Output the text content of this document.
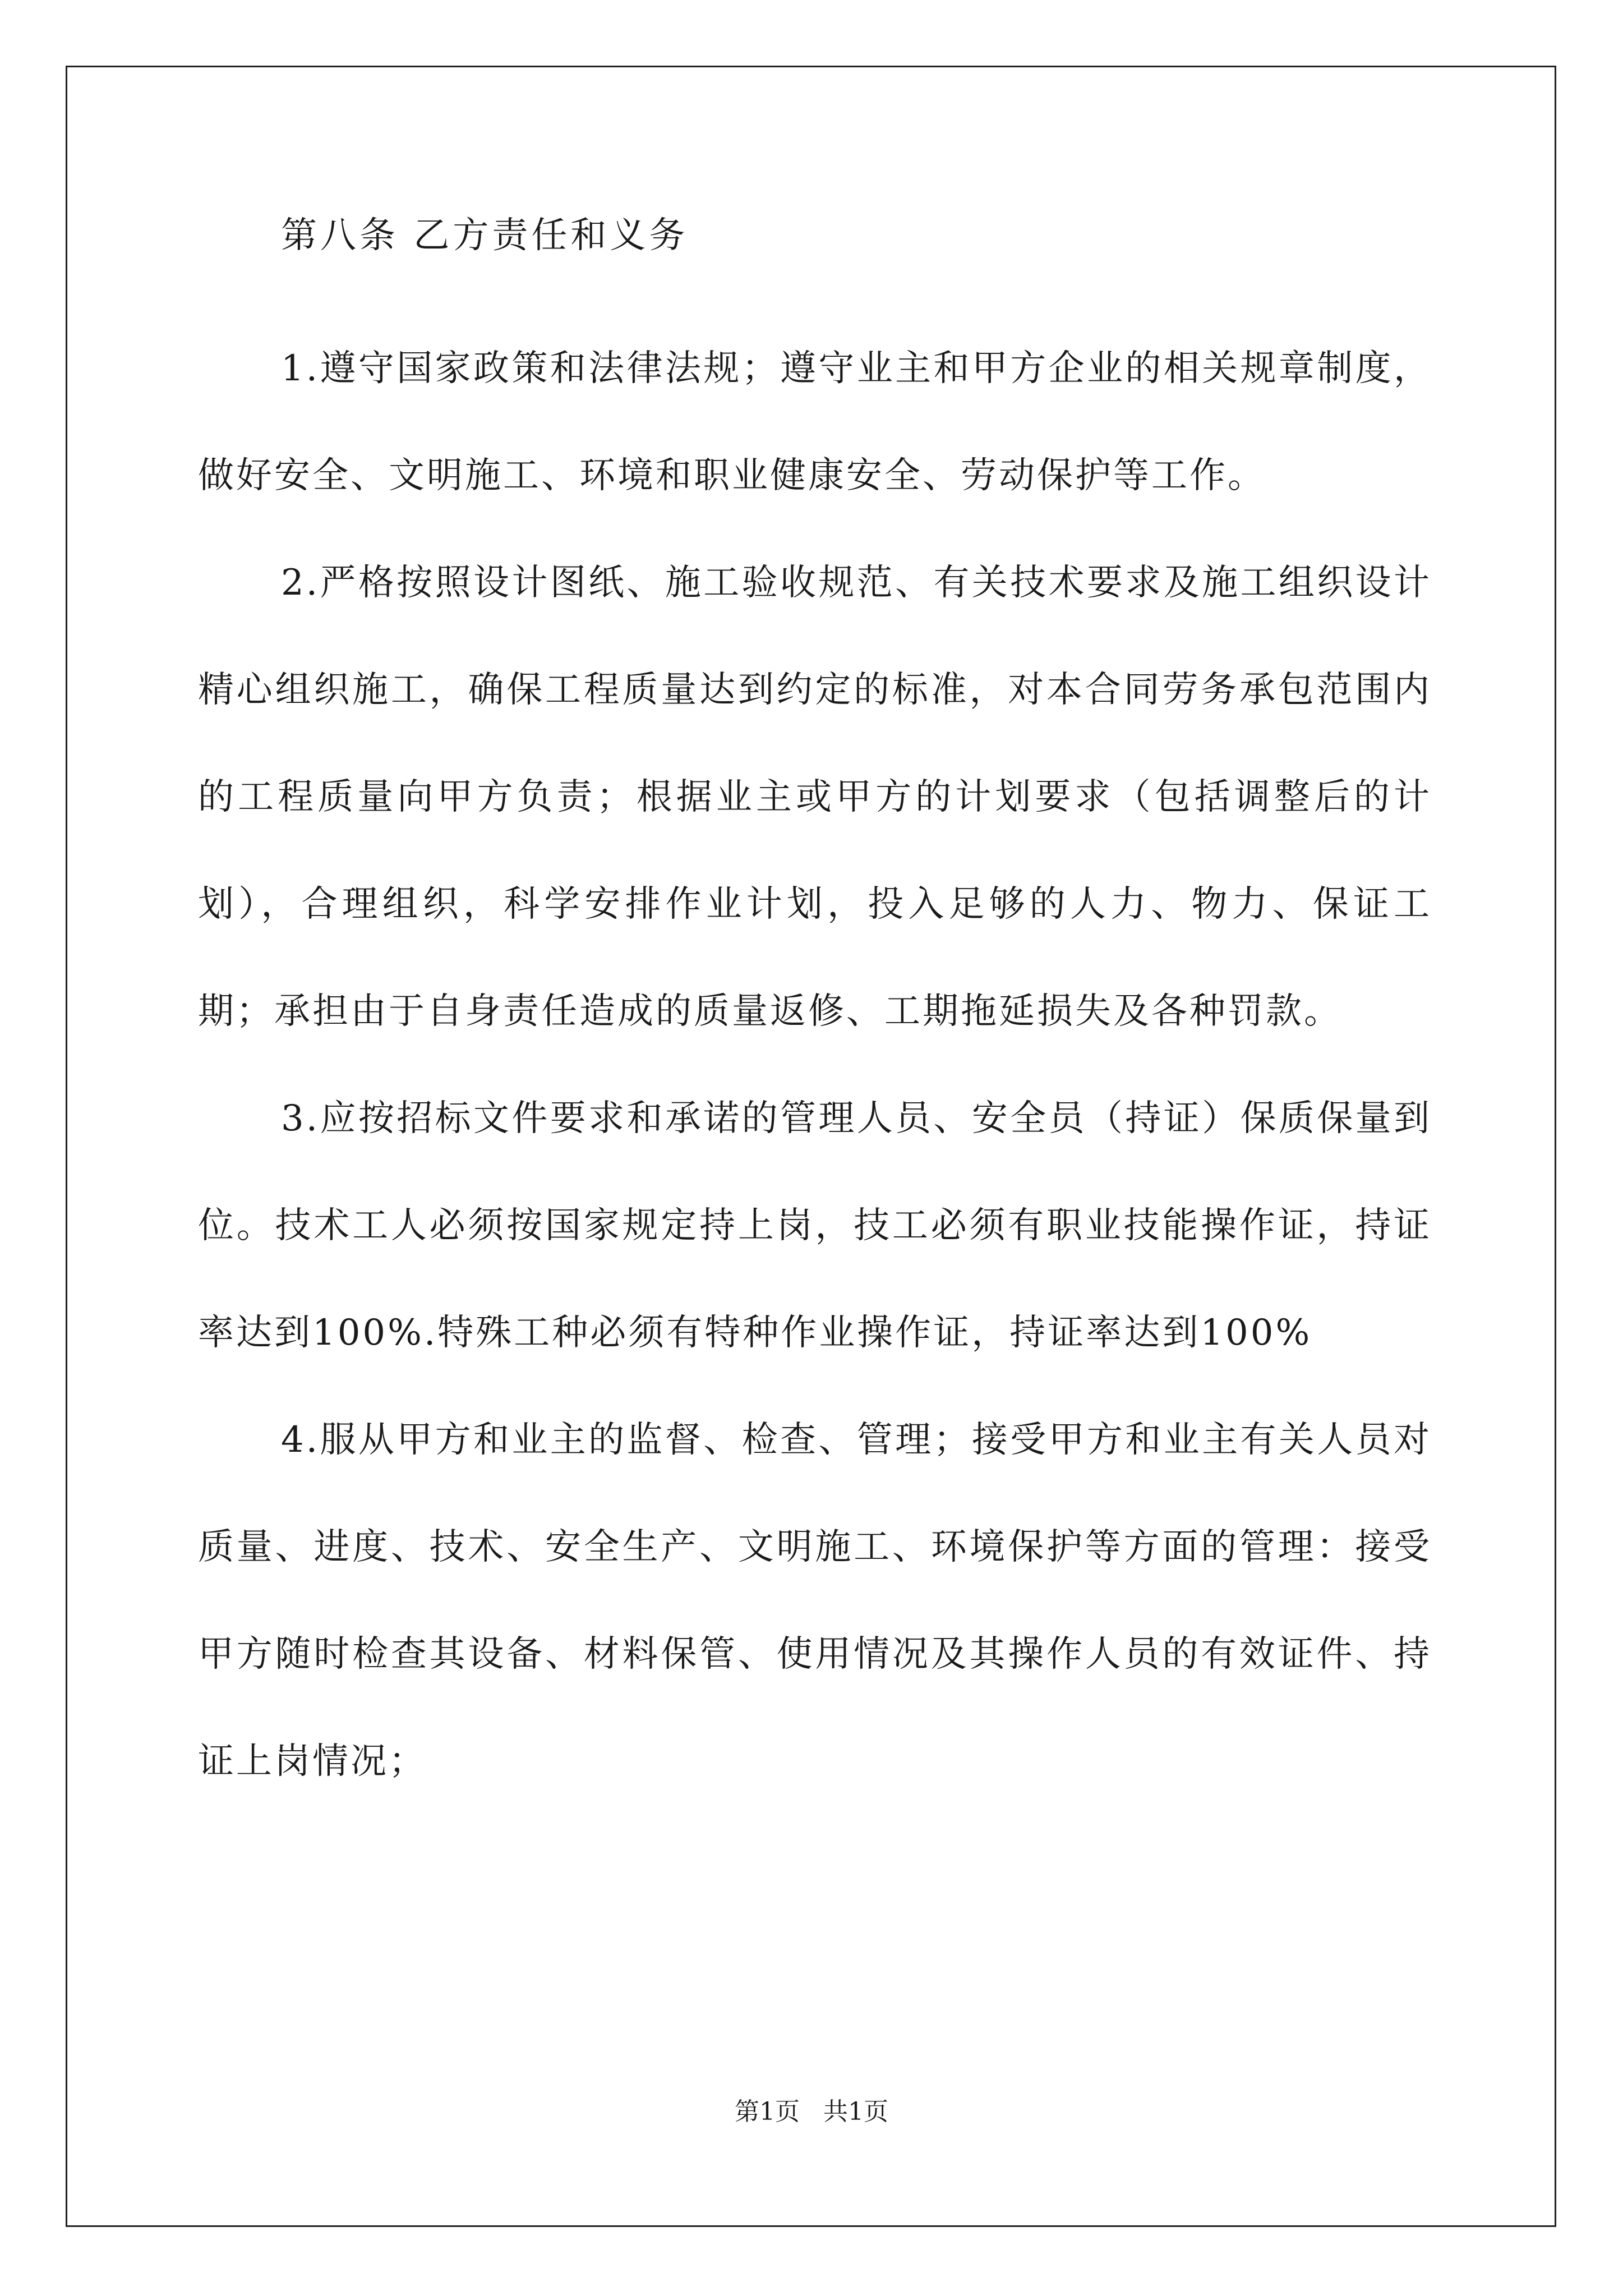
第八条 乙方责任和义务

1.遵守国家政策和法律法规；遵守业主和甲方企业的相关规章制度，做好安全、文明施工、环境和职业健康安全、劳动保护等工作。

2.严格按照设计图纸、施工验收规范、有关技术要求及施工组织设计精心组织施工，确保工程质量达到约定的标准，对本合同劳务承包范围内的工程质量向甲方负责；根据业主或甲方的计划要求（包括调整后的计划），合理组织，科学安排作业计划，投入足够的人力、物力、保证工期；承担由于自身责任造成的质量返修、工期拖延损失及各种罚款。

3.应按招标文件要求和承诺的管理人员、安全员（持证）保质保量到位。技术工人必须按国家规定持上岗，技工必须有职业技能操作证，持证率达到100%.特殊工种必须有特种作业操作证，持证率达到100%

4.服从甲方和业主的监督、检查、管理；接受甲方和业主有关人员对质量、进度、技术、安全生产、文明施工、环境保护等方面的管理：接受甲方随时检查其设备、材料保管、使用情况及其操作人员的有效证件、持证上岗情况；

第1页   共1页
